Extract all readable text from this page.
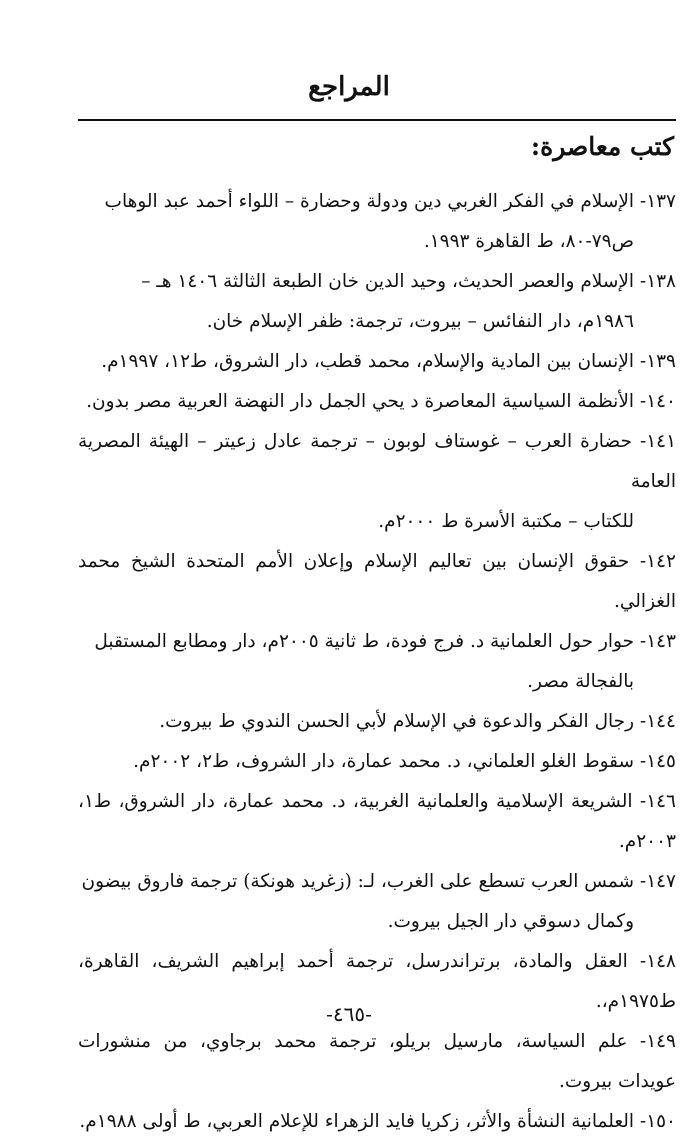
المراجع
كتب معاصرة:
١٣٧- الإسلام في الفكر الغربي دين ودولة وحضارة – اللواء أحمد عبد الوهاب
ص٧٩-٨٠، ط القاهرة ١٩٩٣.
١٣٨- الإسلام والعصر الحديث، وحيد الدين خان الطبعة الثالثة ١٤٠٦ هـ –
١٩٨٦م، دار النفائس – بيروت، ترجمة: ظفر الإسلام خان.
١٣٩- الإنسان بين المادية والإسلام، محمد قطب، دار الشروق، ط١٢، ١٩٩٧م.
١٤٠- الأنظمة السياسية المعاصرة د يحي الجمل دار النهضة العربية مصر بدون.
١٤١- حضارة العرب – غوستاف لوبون – ترجمة عادل زعيتر – الهيئة المصرية العامة
للكتاب – مكتبة الأسرة ط ٢٠٠٠م.
١٤٢- حقوق الإنسان بين تعاليم الإسلام وإعلان الأمم المتحدة الشيخ محمد الغزالي.
١٤٣- حوار حول العلمانية د. فرج فودة، ط ثانية ٢٠٠٥م، دار ومطابع المستقبل
بالفجالة مصر.
١٤٤- رجال الفكر والدعوة في الإسلام لأبي الحسن الندوي ط بيروت.
١٤٥- سقوط الغلو العلماني، د. محمد عمارة، دار الشروف، ط٢، ٢٠٠٢م.
١٤٦- الشريعة الإسلامية والعلمانية الغربية، د. محمد عمارة، دار الشروق، ط١، ٢٠٠٣م.
١٤٧- شمس العرب تسطع على الغرب، لـ: (زغريد هونكة) ترجمة فاروق بيضون
وكمال دسوقي دار الجيل بيروت.
١٤٨- العقل والمادة، برتراندرسل، ترجمة أحمد إبراهيم الشريف، القاهرة، ط١٩٧٥م،.
١٤٩- علم السياسة، مارسيل بريلو، ترجمة محمد برجاوي، من منشورات عويدات بيروت.
١٥٠- العلمانية النشأة والأثر، زكريا فايد الزهراء للإعلام العربي، ط أولى ١٩٨٨م.
-٤٦٥-
